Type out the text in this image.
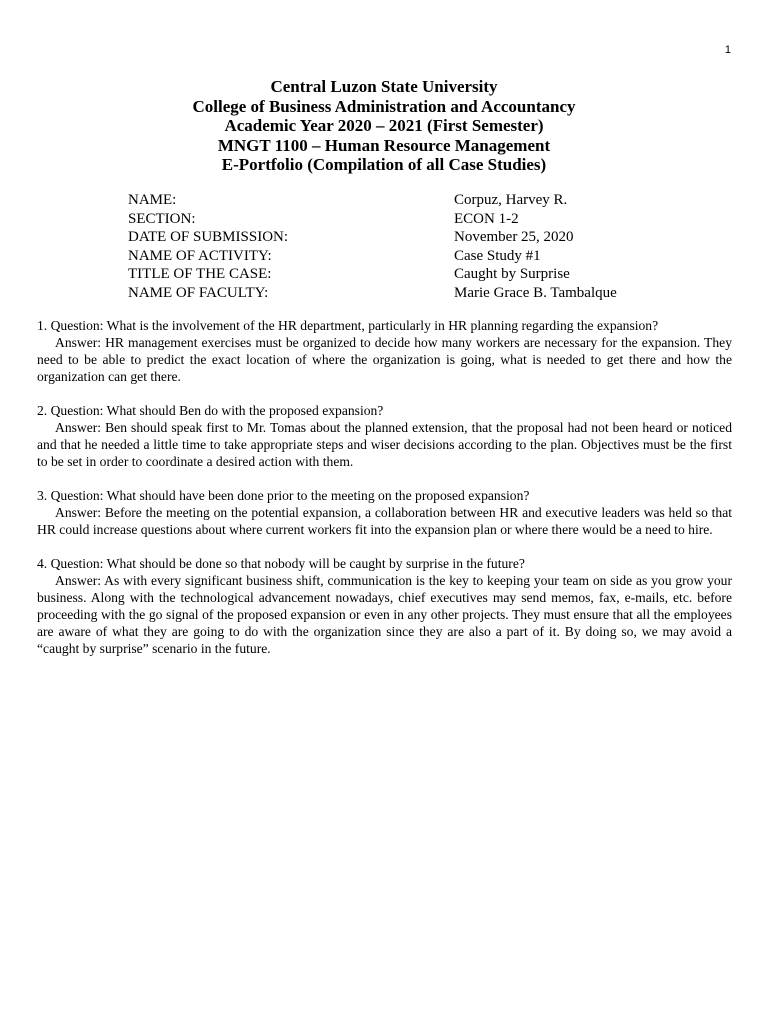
1
Central Luzon State University
College of Business Administration and Accountancy
Academic Year 2020 – 2021 (First Semester)
MNGT 1100 – Human Resource Management
E-Portfolio (Compilation of all Case Studies)
NAME:	Corpuz, Harvey R.
SECTION:	ECON 1-2
DATE OF SUBMISSION:	November 25, 2020
NAME OF ACTIVITY:	Case Study #1
TITLE OF THE CASE:	Caught by Surprise
NAME OF FACULTY:	Marie Grace B. Tambalque
1. Question: What is the involvement of the HR department, particularly in HR planning regarding the expansion?
Answer: HR management exercises must be organized to decide how many workers are necessary for the expansion. They need to be able to predict the exact location of where the organization is going, what is needed to get there and how the organization can get there.
2. Question: What should Ben do with the proposed expansion?
Answer: Ben should speak first to Mr. Tomas about the planned extension, that the proposal had not been heard or noticed and that he needed a little time to take appropriate steps and wiser decisions according to the plan. Objectives must be the first to be set in order to coordinate a desired action with them.
3. Question: What should have been done prior to the meeting on the proposed expansion?
Answer: Before the meeting on the potential expansion, a collaboration between HR and executive leaders was held so that HR could increase questions about where current workers fit into the expansion plan or where there would be a need to hire.
4. Question: What should be done so that nobody will be caught by surprise in the future?
Answer: As with every significant business shift, communication is the key to keeping your team on side as you grow your business. Along with the technological advancement nowadays, chief executives may send memos, fax, e-mails, etc. before proceeding with the go signal of the proposed expansion or even in any other projects. They must ensure that all the employees are aware of what they are going to do with the organization since they are also a part of it. By doing so, we may avoid a “caught by surprise” scenario in the future.
